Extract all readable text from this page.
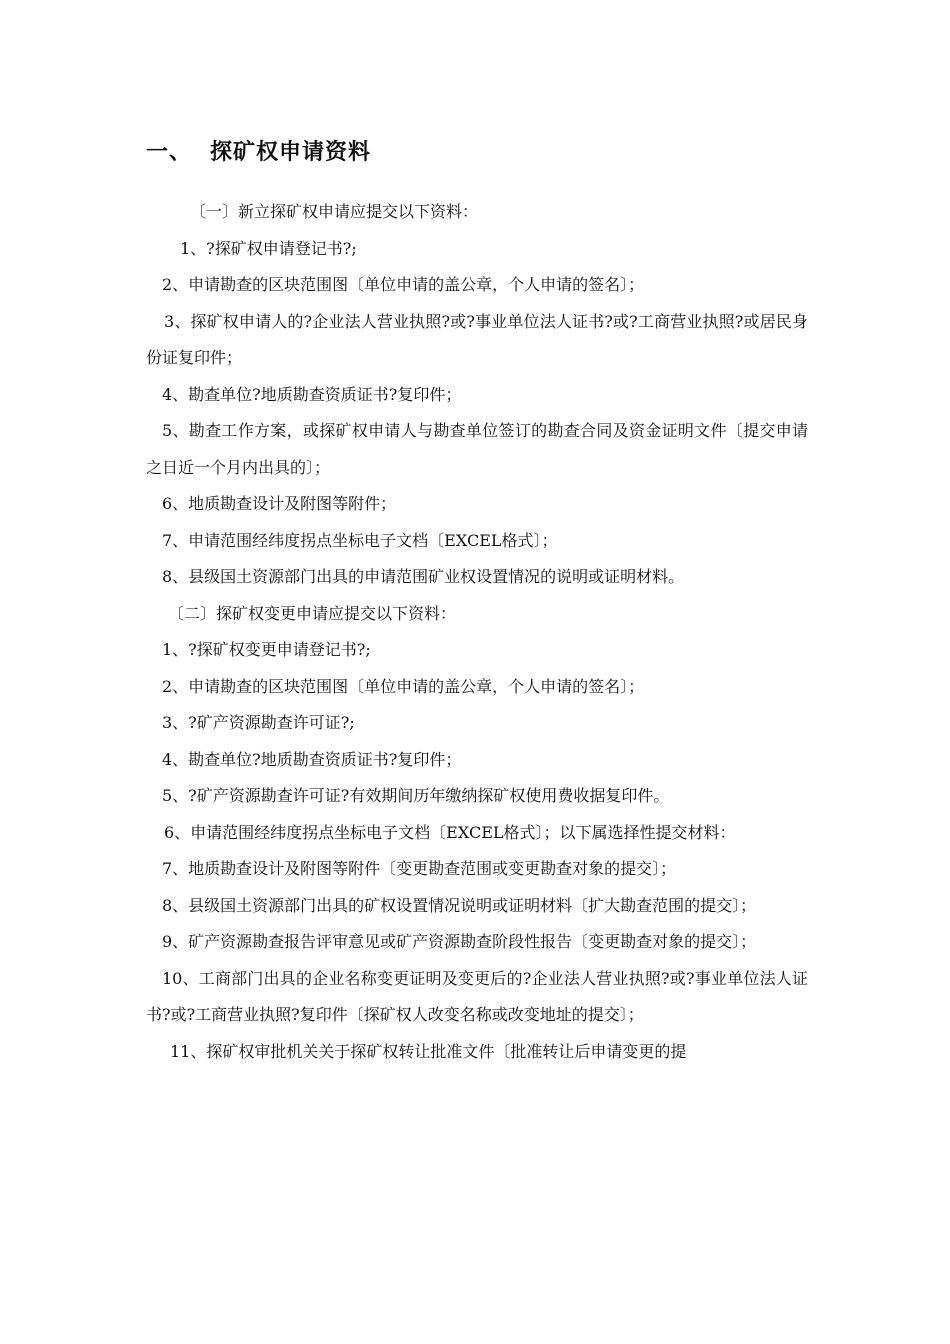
一、 探矿权申请资料

〔一〕新立探矿权申请应提交以下资料：

1、?探矿权申请登记书?;

2、申请勘查的区块范围图〔单位申请的盖公章，个人申请的签名〕；

3、探矿权申请人的?企业法人营业执照?或?事业单位法人证书?或?工商营业执照?或居民身份证复印件；

4、勘查单位?地质勘查资质证书?复印件；

5、勘查工作方案，或探矿权申请人与勘查单位签订的勘查合同及资金证明文件〔提交申请之日近一个月内出具的〕；

6、地质勘查设计及附图等附件；

7、申请范围经纬度拐点坐标电子文档〔EXCEL格式〕；

8、县级国土资源部门出具的申请范围矿业权设置情况的说明或证明材料。

〔二〕探矿权变更申请应提交以下资料：

1、?探矿权变更申请登记书?;

2、申请勘查的区块范围图〔单位申请的盖公章，个人申请的签名〕；

3、?矿产资源勘查许可证?;

4、勘查单位?地质勘查资质证书?复印件；

5、?矿产资源勘查许可证?有效期间历年缴纳探矿权使用费收据复印件。

6、申请范围经纬度拐点坐标电子文档〔EXCEL格式〕；以下属选择性提交材料：

7、地质勘查设计及附图等附件〔变更勘查范围或变更勘查对象的提交〕；

8、县级国土资源部门出具的矿权设置情况说明或证明材料〔扩大勘查范围的提交〕；

9、矿产资源勘查报告评审意见或矿产资源勘查阶段性报告〔变更勘查对象的提交〕；

10、工商部门出具的企业名称变更证明及变更后的?企业法人营业执照?或?事业单位法人证书?或?工商营业执照?复印件〔探矿权人改变名称或改变地址的提交〕；

11、探矿权审批机关关于探矿权转让批准文件〔批准转让后申请变更的提
